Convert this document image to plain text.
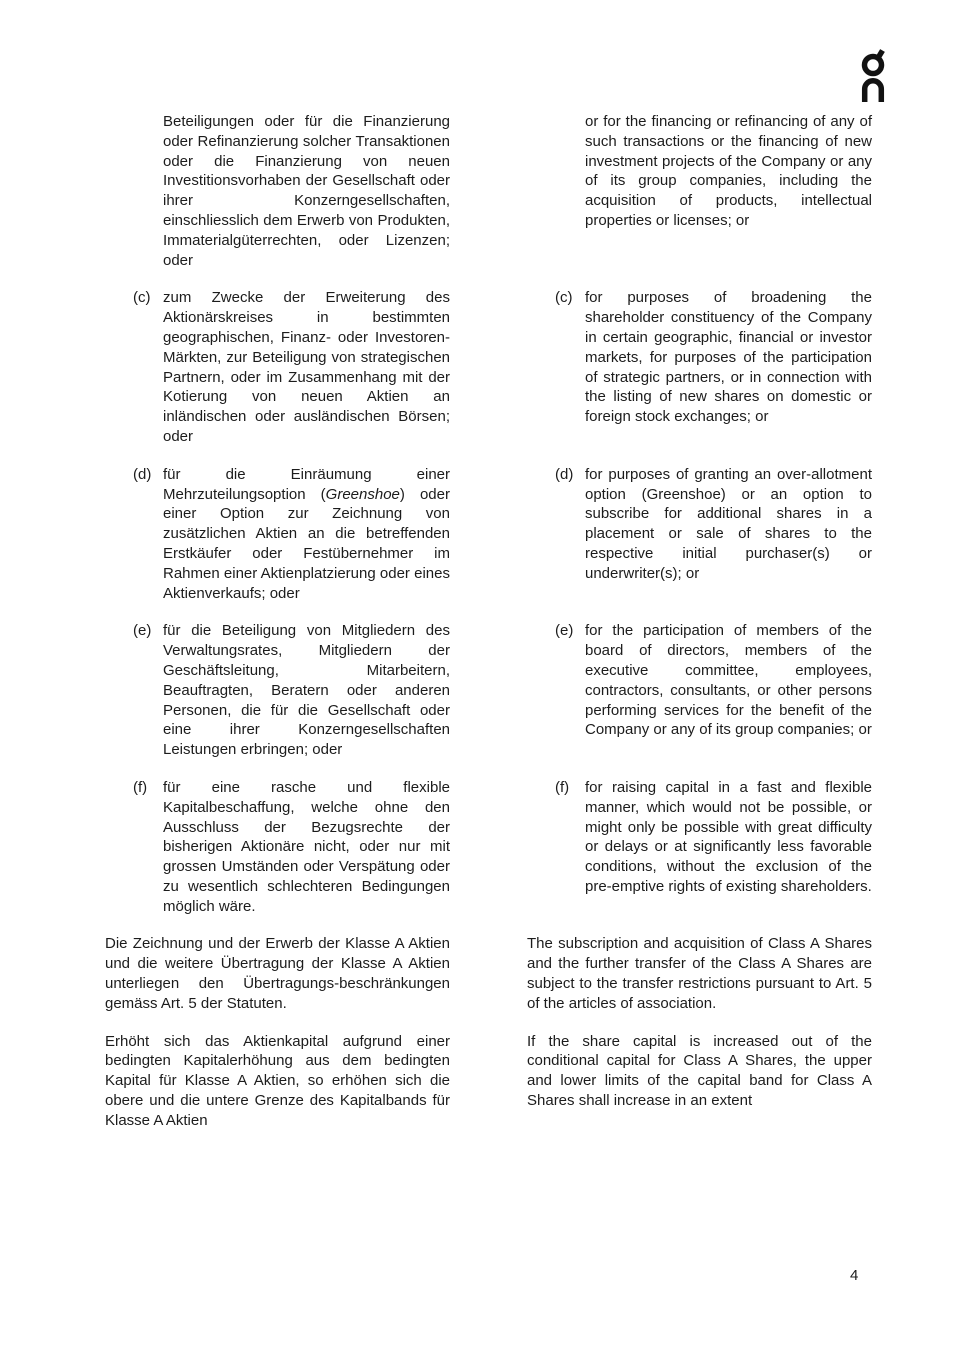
Beteiligungen oder für die Finanzierung oder Refinanzierung solcher Transaktionen oder die Finanzierung von neuen Investitionsvorhaben der Gesellschaft oder ihrer Konzerngesellschaften, einschliesslich dem Erwerb von Produkten, Immaterialgüterrechten, oder Lizenzen; oder

or for the financing or refinancing of any of such transactions or the financing of new investment projects of the Company or any of its group companies, including the acquisition of products, intellectual properties or licenses; or

(c) zum Zwecke der Erweiterung des Aktionärskreises in bestimmten geographischen, Finanz- oder Investoren-Märkten, zur Beteiligung von strategischen Partnern, oder im Zusammenhang mit der Kotierung von neuen Aktien an inländischen oder ausländischen Börsen; oder
(c) for purposes of broadening the shareholder constituency of the Company in certain geographic, financial or investor markets, for purposes of the participation of strategic partners, or in connection with the listing of new shares on domestic or foreign stock exchanges; or
(d) für die Einräumung einer Mehrzuteilungsoption (Greenshoe) oder einer Option zur Zeichnung von zusätzlichen Aktien an die betreffenden Erstkäufer oder Festübernehmer im Rahmen einer Aktienplatzierung oder eines Aktienverkaufs; oder
(d) for purposes of granting an over-allotment option (Greenshoe) or an option to subscribe for additional shares in a placement or sale of shares to the respective initial purchaser(s) or underwriter(s); or
(e) für die Beteiligung von Mitgliedern des Verwaltungsrates, Mitgliedern der Geschäftsleitung, Mitarbeitern, Beauftragten, Beratern oder anderen Personen, die für die Gesellschaft oder eine ihrer Konzerngesellschaften Leistungen erbringen; oder
(e) for the participation of members of the board of directors, members of the executive committee, employees, contractors, consultants, or other persons performing services for the benefit of the Company or any of its group companies; or
(f)	für eine rasche und flexible Kapitalbeschaffung, welche ohne den Ausschluss der Bezugsrechte der bisherigen Aktionäre nicht, oder nur mit grossen Umständen oder Verspätung oder zu wesentlich schlechteren Bedingungen möglich wäre.
(f)	for raising capital in a fast and flexible manner, which would not be possible, or might only be possible with great difficulty or delays or at significantly less favorable conditions, without the exclusion of the pre-emptive rights of existing shareholders.

Die Zeichnung und der Erwerb der Klasse A Aktien und die weitere Übertragung der Klasse A Aktien unterliegen den Übertragungs-beschränkungen gemäss Art. 5 der Statuten.

The subscription and acquisition of Class A Shares and the further transfer of the Class A Shares are subject to the transfer restrictions pursuant to Art. 5 of the articles of association.

Erhöht sich das Aktienkapital aufgrund einer bedingten Kapitalerhöhung aus dem bedingten Kapital für Klasse A Aktien, so erhöhen sich die obere und die untere Grenze des Kapitalbands für Klasse A Aktien

If the share capital is increased out of the conditional capital for Class A Shares, the upper and lower limits of the capital band for Class A Shares shall increase in an extent

4
